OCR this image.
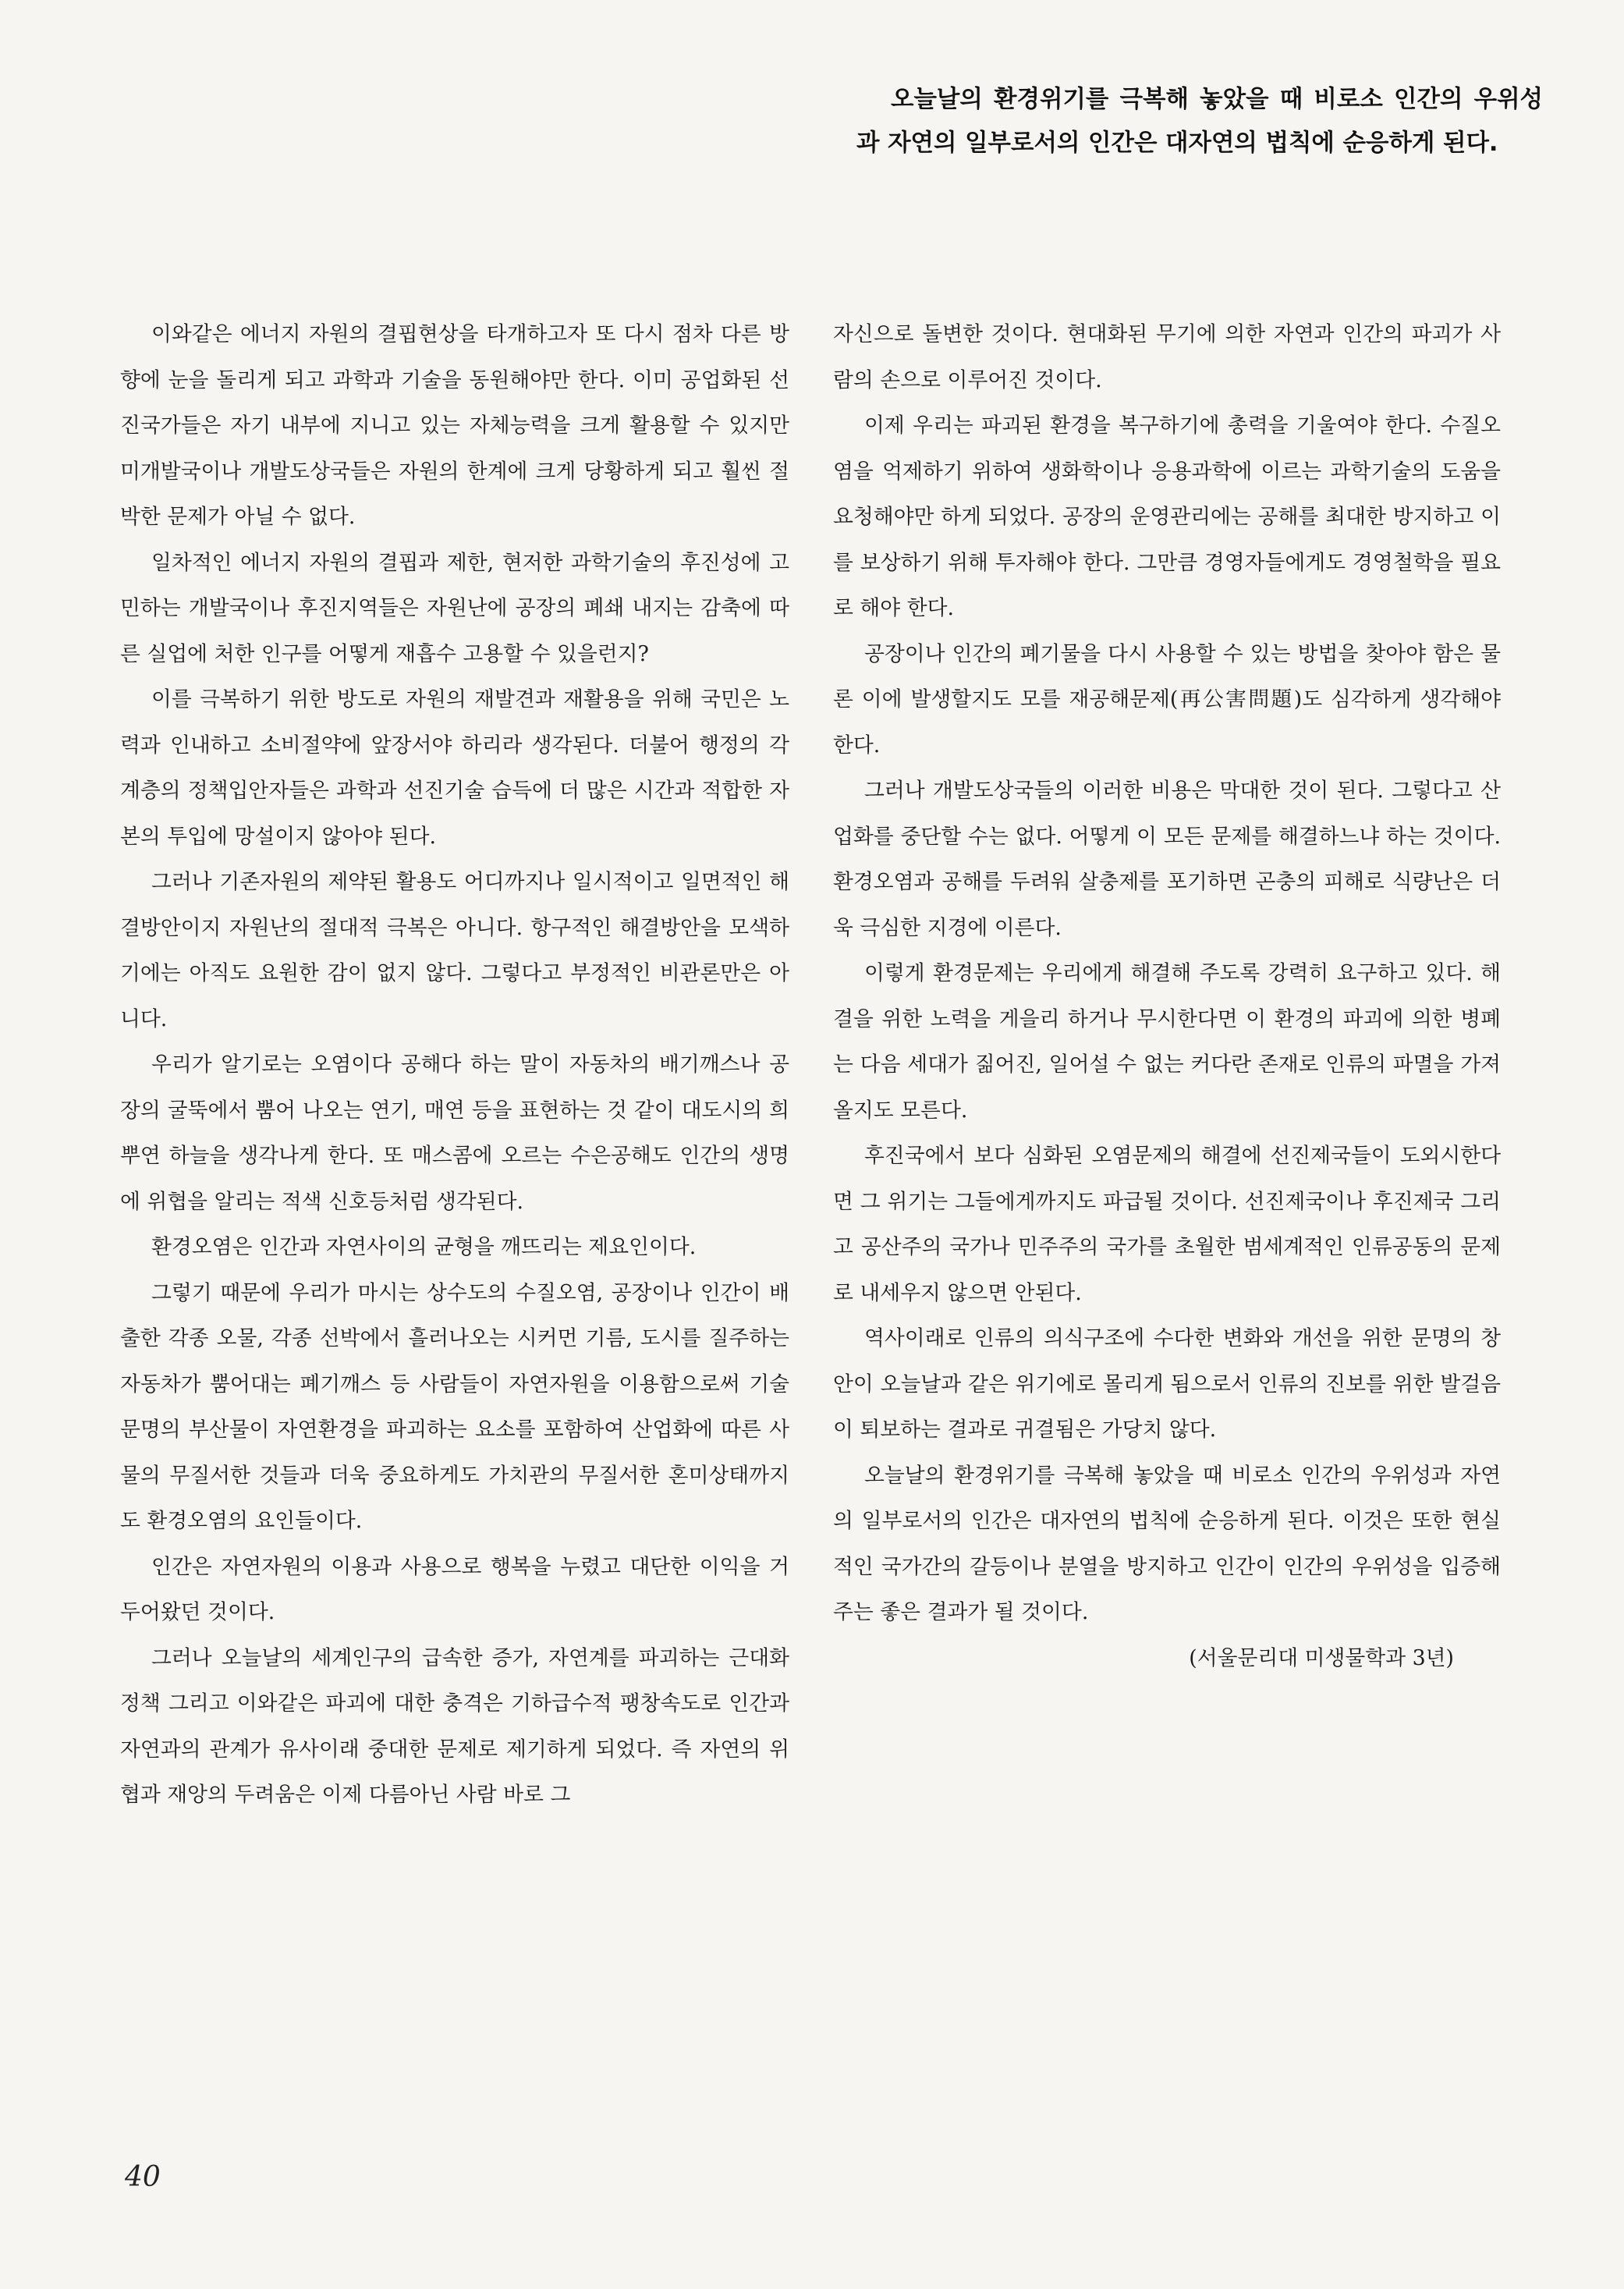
오늘날의 환경위기를 극복해 놓았을 때 비로소 인간의 우위성과 자연의 일부로서의 인간은 대자연의 법칙에 순응하게 된다.

이와같은 에너지 자원의 결핍현상을 타개하고자 또 다시 점차 다른 방향에 눈을 돌리게 되고 과학과 기술을 동원해야만 한다. 이미 공업화된 선진국가들은 자기 내부에 지니고 있는 자체능력을 크게 활용할 수 있지만 미개발국이나 개발도상국들은 자원의 한계에 크게 당황하게 되고 훨씬 절박한 문제가 아닐 수 없다.

일차적인 에너지 자원의 결핍과 제한, 현저한 과학기술의 후진성에 고민하는 개발국이나 후진지역들은 자원난에 공장의 폐쇄 내지는 감축에 따른 실업에 처한 인구를 어떻게 재흡수 고용할 수 있을런지?

이를 극복하기 위한 방도로 자원의 재발견과 재활용을 위해 국민은 노력과 인내하고 소비절약에 앞장서야 하리라 생각된다. 더불어 행정의 각 계층의 정책입안자들은 과학과 선진기술 습득에 더 많은 시간과 적합한 자본의 투입에 망설이지 않아야 된다.

그러나 기존자원의 제약된 활용도 어디까지나 일시적이고 일면적인 해결방안이지 자원난의 절대적 극복은 아니다. 항구적인 해결방안을 모색하기에는 아직도 요원한 감이 없지 않다. 그렇다고 부정적인 비관론만은 아니다.

우리가 알기로는 오염이다 공해다 하는 말이 자동차의 배기깨스나 공장의 굴뚝에서 뿜어 나오는 연기, 매연 등을 표현하는 것 같이 대도시의 희뿌연 하늘을 생각나게 한다. 또 매스콤에 오르는 수은공해도 인간의 생명에 위협을 알리는 적색 신호등처럼 생각된다.

환경오염은 인간과 자연사이의 균형을 깨뜨리는 제요인이다.

그렇기 때문에 우리가 마시는 상수도의 수질오염, 공장이나 인간이 배출한 각종 오물, 각종 선박에서 흘러나오는 시커먼 기름, 도시를 질주하는 자동차가 뿜어대는 폐기깨스 등 사람들이 자연자원을 이용함으로써 기술문명의 부산물이 자연환경을 파괴하는 요소를 포함하여 산업화에 따른 사물의 무질서한 것들과 더욱 중요하게도 가치관의 무질서한 혼미상태까지도 환경오염의 요인들이다.

인간은 자연자원의 이용과 사용으로 행복을 누렸고 대단한 이익을 거두어왔던 것이다.

그러나 오늘날의 세계인구의 급속한 증가, 자연계를 파괴하는 근대화정책 그리고 이와같은 파괴에 대한 충격은 기하급수적 팽창속도로 인간과 자연과의 관계가 유사이래 중대한 문제로 제기하게 되었다. 즉 자연의 위협과 재앙의 두려움은 이제 다름아닌 사람 바로 그

자신으로 돌변한 것이다. 현대화된 무기에 의한 자연과 인간의 파괴가 사람의 손으로 이루어진 것이다.

이제 우리는 파괴된 환경을 복구하기에 총력을 기울여야 한다. 수질오염을 억제하기 위하여 생화학이나 응용과학에 이르는 과학기술의 도움을 요청해야만 하게 되었다. 공장의 운영관리에는 공해를 최대한 방지하고 이를 보상하기 위해 투자해야 한다. 그만큼 경영자들에게도 경영철학을 필요로 해야 한다.

공장이나 인간의 폐기물을 다시 사용할 수 있는 방법을 찾아야 함은 물론 이에 발생할지도 모를 재공해문제(再公害問題)도 심각하게 생각해야 한다.

그러나 개발도상국들의 이러한 비용은 막대한 것이 된다. 그렇다고 산업화를 중단할 수는 없다. 어떻게 이 모든 문제를 해결하느냐 하는 것이다. 환경오염과 공해를 두려워 살충제를 포기하면 곤충의 피해로 식량난은 더욱 극심한 지경에 이른다.

이렇게 환경문제는 우리에게 해결해 주도록 강력히 요구하고 있다. 해결을 위한 노력을 게을리 하거나 무시한다면 이 환경의 파괴에 의한 병폐는 다음 세대가 짊어진, 일어설 수 없는 커다란 존재로 인류의 파멸을 가져올지도 모른다.

후진국에서 보다 심화된 오염문제의 해결에 선진제국들이 도외시한다면 그 위기는 그들에게까지도 파급될 것이다. 선진제국이나 후진제국 그리고 공산주의 국가나 민주주의 국가를 초월한 범세계적인 인류공동의 문제로 내세우지 않으면 안된다.

역사이래로 인류의 의식구조에 수다한 변화와 개선을 위한 문명의 창안이 오늘날과 같은 위기에로 몰리게 됨으로서 인류의 진보를 위한 발걸음이 퇴보하는 결과로 귀결됨은 가당치 않다.

오늘날의 환경위기를 극복해 놓았을 때 비로소 인간의 우위성과 자연의 일부로서의 인간은 대자연의 법칙에 순응하게 된다. 이것은 또한 현실적인 국가간의 갈등이나 분열을 방지하고 인간이 인간의 우위성을 입증해 주는 좋은 결과가 될 것이다.

(서울문리대 미생물학과 3년)

40
